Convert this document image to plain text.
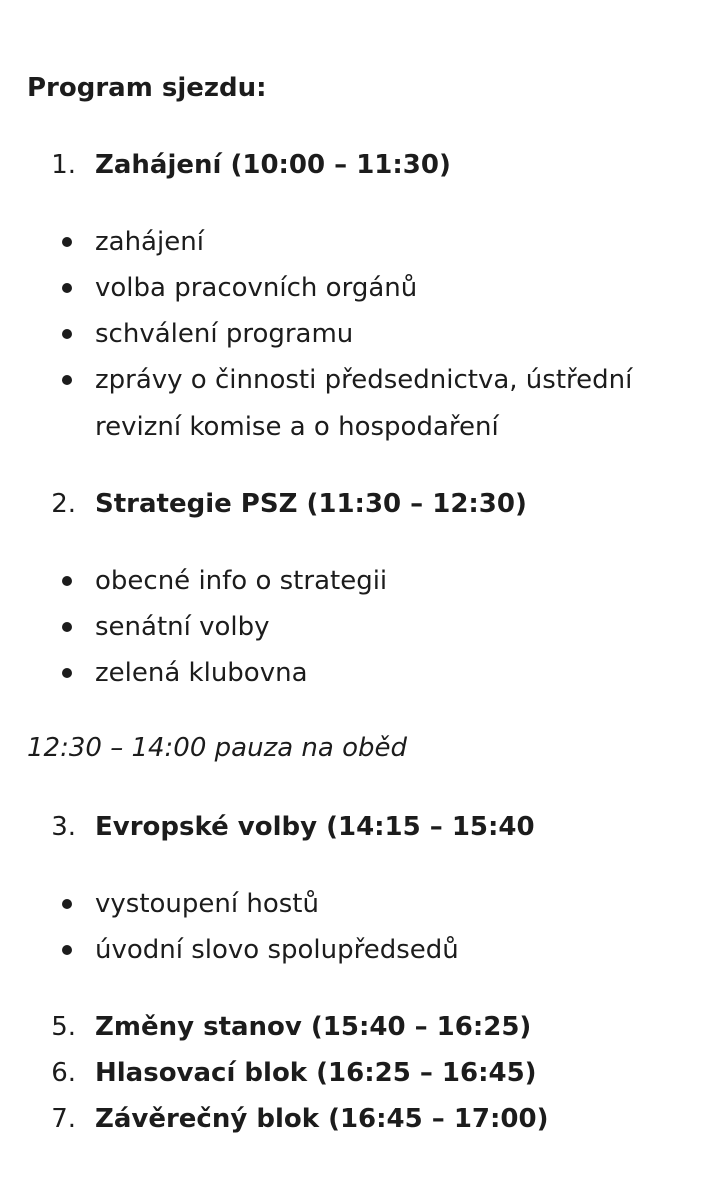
Program sjezdu:
1. Zahájení (10:00 – 11:30)
zahájení
volba pracovních orgánů
schválení programu
zprávy o činnosti předsednictva, ústřední
revizní komise a o hospodaření
2. Strategie PSZ (11:30 – 12:30)
obecné info o strategii
senátní volby
zelená klubovna
12:30 – 14:00 pauza na oběd
3. Evropské volby (14:15 – 15:40
vystoupení hostů
úvodní slovo spolupředsedů
5. Změny stanov (15:40 – 16:25)
6. Hlasovací blok (16:25 – 16:45)
7. Závěrečný blok (16:45 – 17:00)
